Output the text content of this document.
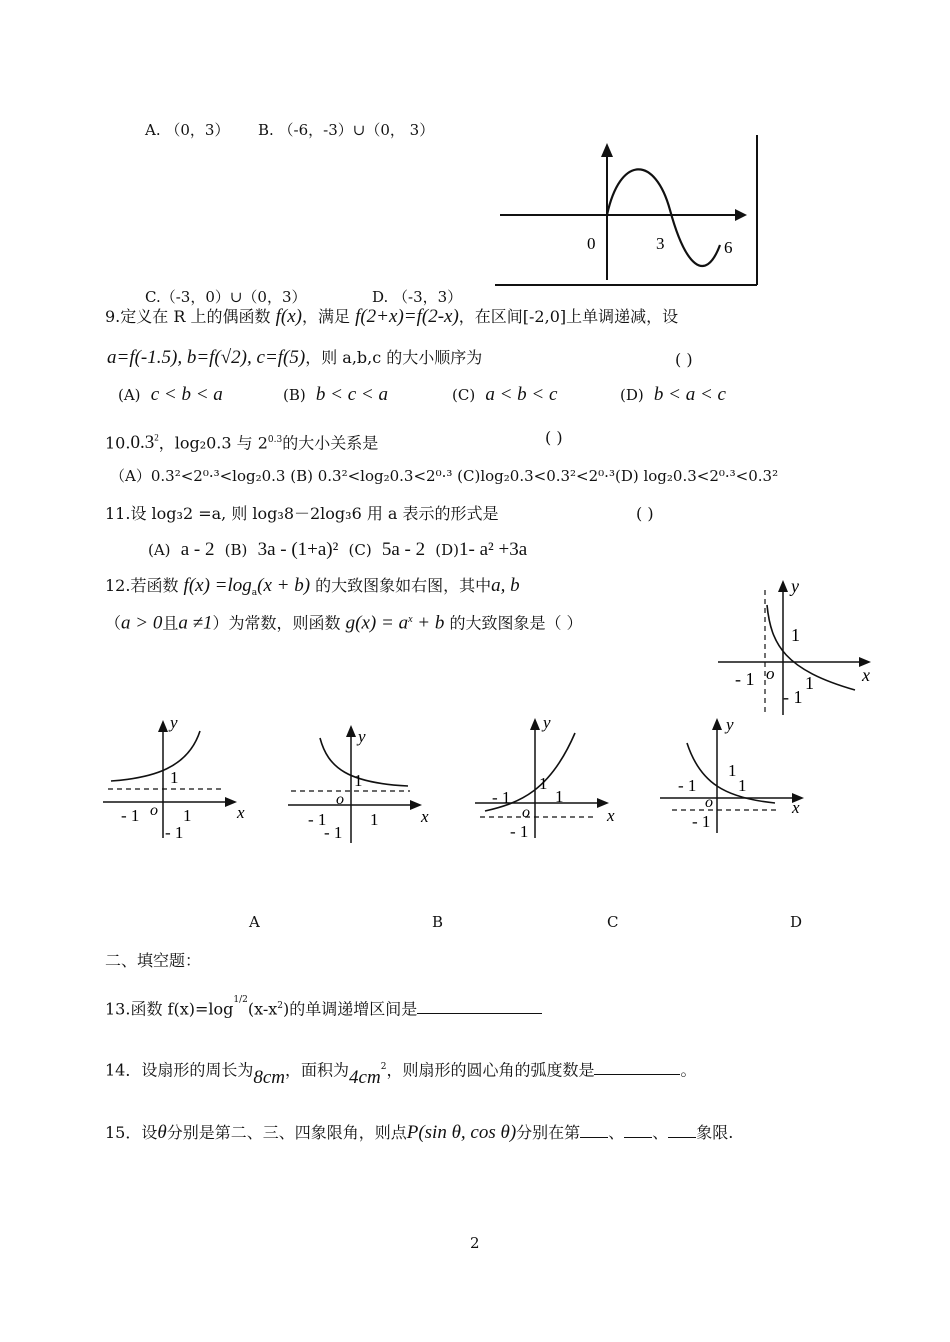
A. （0，3） B. （-6，-3）∪（0， 3）
0	3	6
C.（-3，0）∪（0，3）	D. （-3，3）
9.定义在 R 上的偶函数 f(x)，满足 f(2+x)=f(2-x)，在区间[-2,0]上单调递减，设
a=f(-1.5), b=f(√2), c=f(5)，则 a,b,c 的大小顺序为	( )
(A) c < b < a	(B) b < c < a	(C) a < b < c	(D) b < a < c
10.0.3$^2$，log₂0.3 与 $2^{0.3}$的大小关系是	( )
（A）0.3²<2⁰·³<log₂0.3 (B) 0.3²<log₂0.3<2⁰·³ (C)log₂0.3<0.3²<2⁰·³(D) log₂0.3<2⁰·³<0.3²
11.设 log₃2 =a, 则 log₃8－2log₃6 用 a 表示的形式是	( )
(A) a - 2 (B) 3a - (1+a)² (C) 5a - 2 (D)1- a² +3a
12.若函数 $f(x) =\log_a(x + b)$ 的大致图象如右图，其中a, b
（a > 0且a ≠1）为常数，则函数 $g(x) = a^x + b$ 的大致图象是（ ）
y
x
1
o
- 1	1
- 1
y
x
1
o
- 1	1
- 1
y
x
1
o
- 1	1
- 1
y
x
1
o
- 1	1
- 1
y
x
1
o
- 1 1
- 1
A	B	C	D
二、填空题：
13.函数 $f(x)=\log^{1/2}(x-x^2)$的单调递增区间是
14．设扇形的周长为8cm，面积为$4cm^2$，则扇形的圆心角的弧度数是	。
15．设θ分别是第二、三、四象限角，则点P(sin θ, cos θ)分别在第 、 、 象限.
2
